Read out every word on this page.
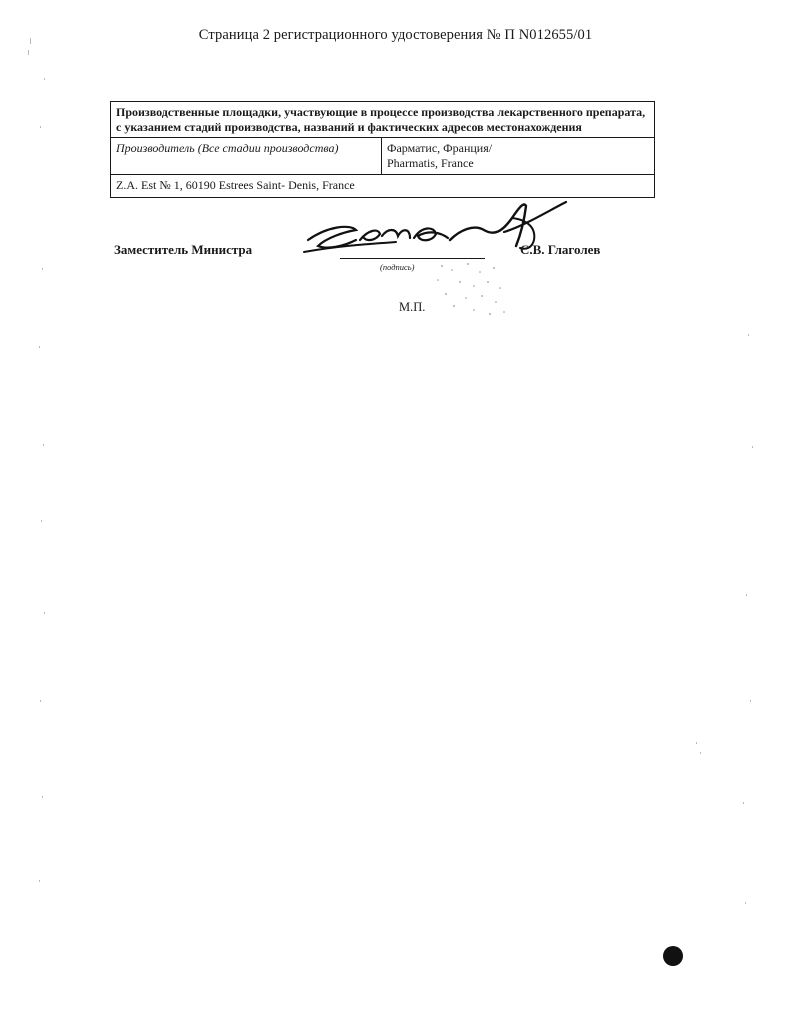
Страница 2 регистрационного удостоверения № П N012655/01
Производственные площадки, участвующие в процессе производства лекарственного препарата, с указанием стадий производства, названий и фактических адресов местонахождения
Производитель (Все стадии производства)	Фарматис, Франция/
Pharmatis, France
Z.A. Est № 1, 60190 Estrees Saint- Denis, France
Заместитель Министра
(подпись)
С.В. Глаголев
М.П.
